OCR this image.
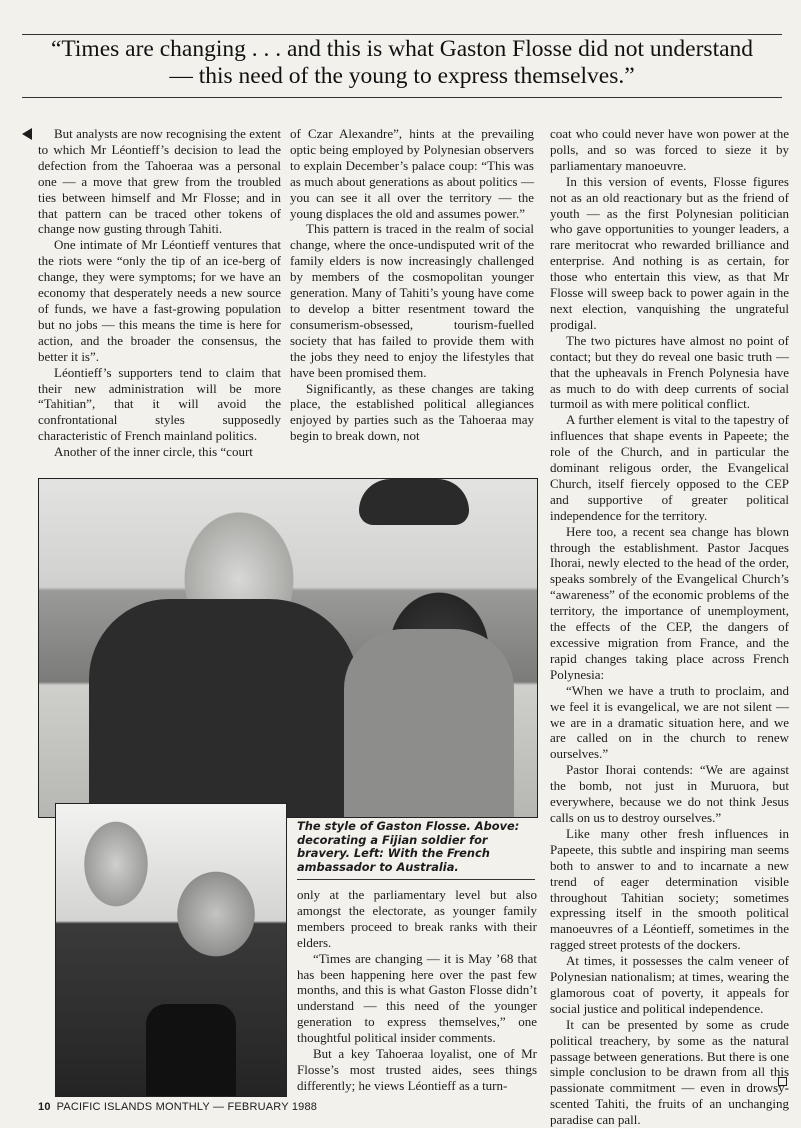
“Times are changing . . . and this is what Gaston Flosse did not understand
— this need of the young to express themselves.”

But analysts are now recognising the extent to which Mr Léontieff’s decision to lead the defection from the Tahoeraa was a personal one — a move that grew from the troubled ties between himself and Mr Flosse; and in that pattern can be traced other tokens of change now gusting through Tahiti.

One intimate of Mr Léontieff ventures that the riots were “only the tip of an ice-berg of change, they were symptoms; for we have an economy that desperately needs a new source of funds, we have a fast-growing population but no jobs — this means the time is here for action, and the broader the consensus, the better it is”.

Léontieff’s supporters tend to claim that their new administration will be more “Tahitian”, that it will avoid the confrontational styles supposedly characteristic of French mainland politics.

Another of the inner circle, this “court

of Czar Alexandre”, hints at the prevailing optic being employed by Polynesian observers to explain December’s palace coup: “This was as much about generations as about politics — you can see it all over the territory — the young displaces the old and assumes power.”

This pattern is traced in the realm of social change, where the once-undisputed writ of the family elders is now increasingly challenged by members of the cosmopolitan younger generation. Many of Tahiti’s young have come to develop a bitter resentment toward the consumerism-obsessed, tourism-fuelled society that has failed to provide them with the jobs they need to enjoy the lifestyles that have been promised them.

Significantly, as these changes are taking place, the established political allegiances enjoyed by parties such as the Tahoeraa may begin to break down, not

coat who could never have won power at the polls, and so was forced to sieze it by parliamentary manoeuvre.

In this version of events, Flosse figures not as an old reactionary but as the friend of youth — as the first Polynesian politician who gave opportunities to younger leaders, a rare meritocrat who rewarded brilliance and enterprise. And nothing is as certain, for those who entertain this view, as that Mr Flosse will sweep back to power again in the next election, vanquishing the ungrateful prodigal.

The two pictures have almost no point of contact; but they do reveal one basic truth — that the upheavals in French Polynesia have as much to do with deep currents of social turmoil as with mere political conflict.

A further element is vital to the tapestry of influences that shape events in Papeete; the role of the Church, and in particular the dominant religous order, the Evangelical Church, itself fiercely opposed to the CEP and supportive of greater political independence for the territory.

Here too, a recent sea change has blown through the establishment. Pastor Jacques Ihorai, newly elected to the head of the order, speaks sombrely of the Evangelical Church’s “awareness” of the economic problems of the territory, the importance of unemployment, the effects of the CEP, the dangers of excessive migration from France, and the rapid changes taking place across French Polynesia:

“When we have a truth to proclaim, and we feel it is evangelical, we are not silent — we are in a dramatic situation here, and we are called on in the church to renew ourselves.”

Pastor Ihorai contends: “We are against the bomb, not just in Muruora, but everywhere, because we do not think Jesus calls on us to destroy ourselves.”

Like many other fresh influences in Papeete, this subtle and inspiring man seems both to answer to and to incarnate a new trend of eager determination visible throughout Tahitian society; sometimes expressing itself in the smooth political manoeuvres of a Léontieff, sometimes in the ragged street protests of the dockers.

At times, it possesses the calm veneer of Polynesian nationalism; at times, wearing the glamorous coat of poverty, it appeals for social justice and political independence.

It can be presented by some as crude political treachery, by some as the natural passage between generations. But there is one simple conclusion to be drawn from all this passionate commitment — even in drowsy-scented Tahiti, the fruits of an unchanging paradise can pall.

The style of Gaston Flosse. Above: decorating a Fijian soldier for bravery. Left: With the French ambassador to Australia.

only at the parliamentary level but also amongst the electorate, as younger family members proceed to break ranks with their elders.

“Times are changing — it is May ’68 that has been happening here over the past few months, and this is what Gaston Flosse didn’t understand — this need of the younger generation to express themselves,” one thoughtful political insider comments.

But a key Tahoeraa loyalist, one of Mr Flosse’s most trusted aides, sees things differently; he views Léontieff as a turn-

10 PACIFIC ISLANDS MONTHLY — FEBRUARY 1988
